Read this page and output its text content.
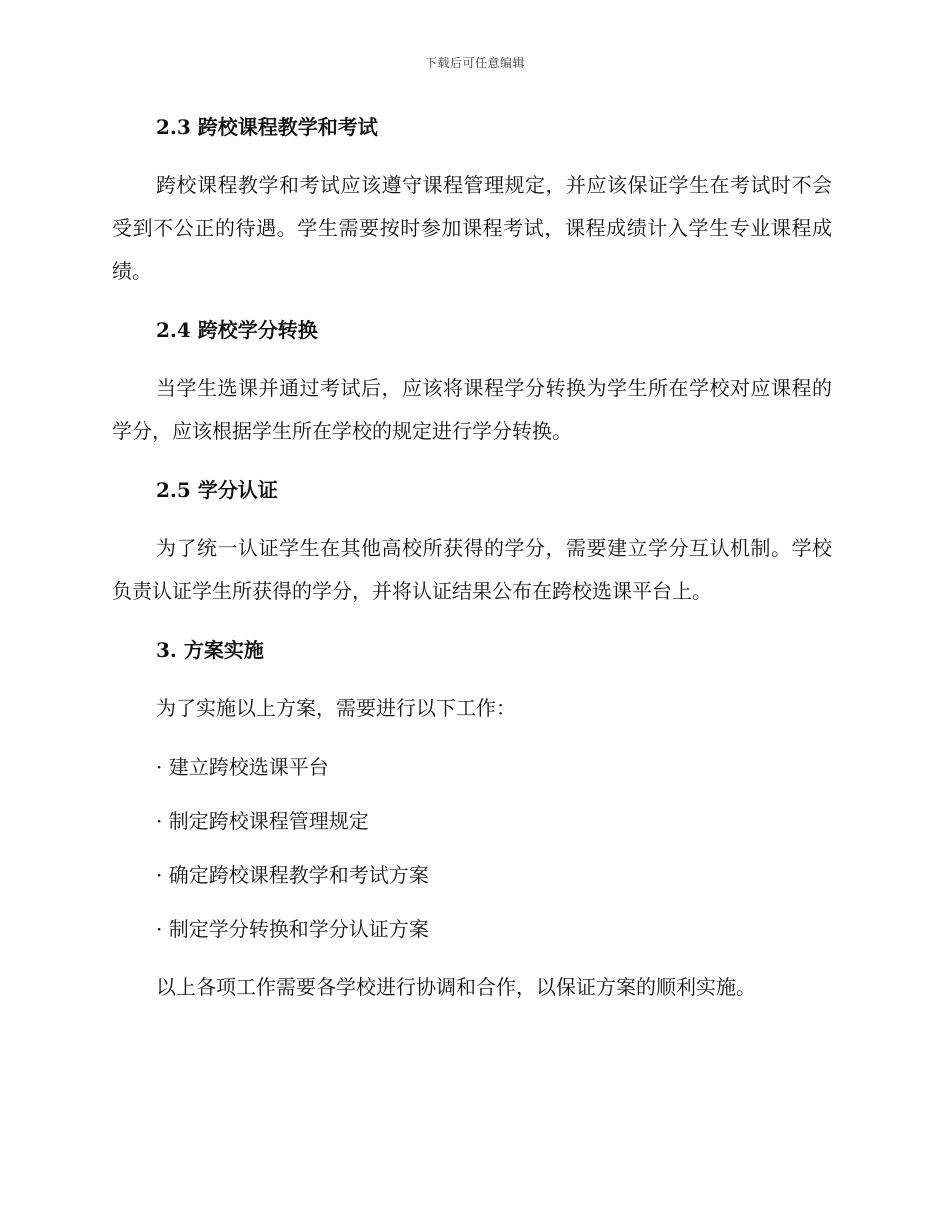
下载后可任意编辑
2.3 跨校课程教学和考试

跨校课程教学和考试应该遵守课程管理规定，并应该保证学生在考试时不会受到不公正的待遇。学生需要按时参加课程考试，课程成绩计入学生专业课程成绩。

2.4 跨校学分转换

当学生选课并通过考试后，应该将课程学分转换为学生所在学校对应课程的学分，应该根据学生所在学校的规定进行学分转换。

2.5 学分认证

为了统一认证学生在其他高校所获得的学分，需要建立学分互认机制。学校负责认证学生所获得的学分，并将认证结果公布在跨校选课平台上。

3. 方案实施

为了实施以上方案，需要进行以下工作：

· 建立跨校选课平台
· 制定跨校课程管理规定
· 确定跨校课程教学和考试方案
· 制定学分转换和学分认证方案

以上各项工作需要各学校进行协调和合作，以保证方案的顺利实施。
